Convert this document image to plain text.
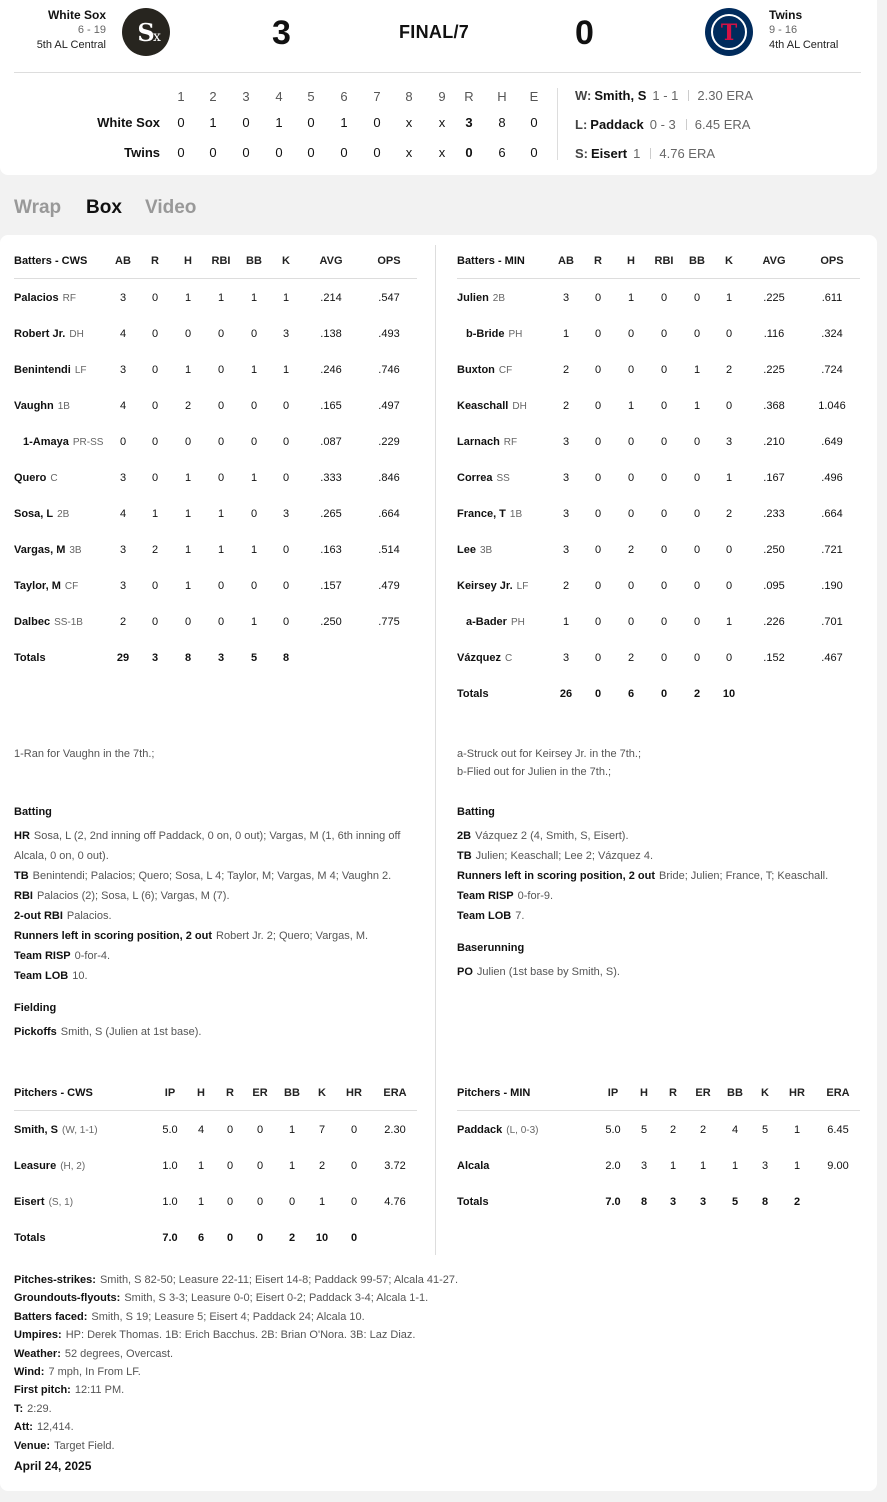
White Sox
6 - 19
5th AL Central S
x	3	FINAL/7	0	T
Twins
9 - 16
4th AL Central
1	2	3	4	5	6	7	8	9	R	H	E
White Sox	0	1	0	1	0	1	0	x	x	3	8	0
Twins	0	0	0	0	0	0	0	x	x	0	6	0
W: Smith, S 1 - 1 2.30 ERA
L: Paddack 0 - 3 6.45 ERA
S: Eisert 1 4.76 ERA
Wrap Box Video
Batters - CWS	AB	R	H	RBI	BB	K	AVG	OPS
Palacios RF	3	0	1	1	1	1	.214	.547
Robert Jr. DH	4	0	0	0	0	3	.138	.493
Benintendi LF	3	0	1	0	1	1	.246	.746
Vaughn 1B	4	0	2	0	0	0	.165	.497
1-Amaya PR-SS	0	0	0	0	0	0	.087	.229
Quero C	3	0	1	0	1	0	.333	.846
Sosa, L 2B	4	1	1	1	0	3	.265	.664
Vargas, M 3B	3	2	1	1	1	0	.163	.514
Taylor, M CF	3	0	1	0	0	0	.157	.479
Dalbec SS-1B	2	0	0	0	1	0	.250	.775
Totals	29	3	8	3	5	8
1-Ran for Vaughn in the 7th.;
Batters - MIN	AB	R	H	RBI	BB	K	AVG	OPS
Julien 2B	3	0	1	0	0	1	.225	.611
b-Bride PH	1	0	0	0	0	0	.116	.324
Buxton CF	2	0	0	0	1	2	.225	.724
Keaschall DH	2	0	1	0	1	0	.368	1.046
Larnach RF	3	0	0	0	0	3	.210	.649
Correa SS	3	0	0	0	0	1	.167	.496
France, T 1B	3	0	0	0	0	2	.233	.664
Lee 3B	3	0	2	0	0	0	.250	.721
Keirsey Jr. LF	2	0	0	0	0	0	.095	.190
a-Bader PH	1	0	0	0	0	1	.226	.701
Vázquez C	3	0	2	0	0	0	.152	.467
Totals	26	0	6	0	2	10
a-Struck out for Keirsey Jr. in the 7th.;
b-Flied out for Julien in the 7th.;
Batting
HR Sosa, L (2, 2nd inning off Paddack, 0 on, 0 out); Vargas, M (1, 6th inning off Alcala, 0 on, 0 out).
TB Benintendi; Palacios; Quero; Sosa, L 4; Taylor, M; Vargas, M 4; Vaughn 2.
RBI Palacios (2); Sosa, L (6); Vargas, M (7).
2-out RBI Palacios.
Runners left in scoring position, 2 out Robert Jr. 2; Quero; Vargas, M.
Team RISP 0-for-4.
Team LOB 10.
Fielding
Pickoffs Smith, S (Julien at 1st base).
Batting
2B Vázquez 2 (4, Smith, S, Eisert).
TB Julien; Keaschall; Lee 2; Vázquez 4.
Runners left in scoring position, 2 out Bride; Julien; France, T; Keaschall.
Team RISP 0-for-9.
Team LOB 7.
Baserunning
PO Julien (1st base by Smith, S).
Pitchers - CWS	IP	H	R	ER	BB	K	HR	ERA
Smith, S (W, 1-1)	5.0	4	0	0	1	7	0	2.30
Leasure (H, 2)	1.0	1	0	0	1	2	0	3.72
Eisert (S, 1)	1.0	1	0	0	0	1	0	4.76
Totals	7.0	6	0	0	2	10	0
Pitchers - MIN	IP	H	R	ER	BB	K	HR	ERA
Paddack (L, 0-3)	5.0	5	2	2	4	5	1	6.45
Alcala	2.0	3	1	1	1	3	1	9.00
Totals	7.0	8	3	3	5	8	2
Pitches-strikes: Smith, S 82-50; Leasure 22-11; Eisert 14-8; Paddack 99-57; Alcala 41-27.
Groundouts-flyouts: Smith, S 3-3; Leasure 0-0; Eisert 0-2; Paddack 3-4; Alcala 1-1.
Batters faced: Smith, S 19; Leasure 5; Eisert 4; Paddack 24; Alcala 10.
Umpires: HP: Derek Thomas. 1B: Erich Bacchus. 2B: Brian O'Nora. 3B: Laz Diaz.
Weather: 52 degrees, Overcast.
Wind: 7 mph, In From LF.
First pitch: 12:11 PM.
T: 2:29.
Att: 12,414.
Venue: Target Field.
April 24, 2025
